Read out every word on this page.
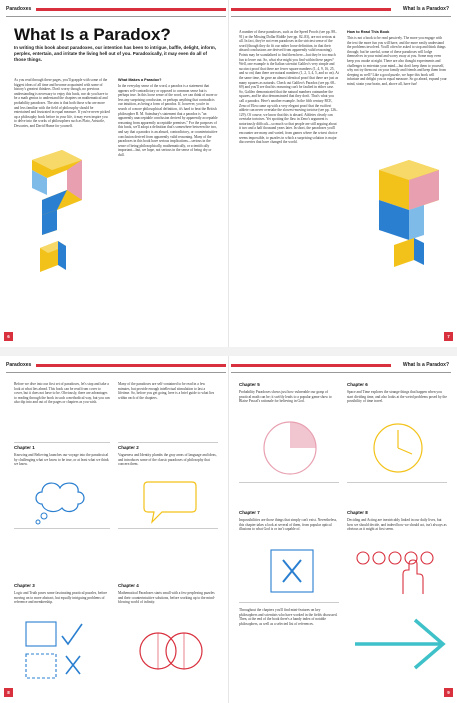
Paradoxes
What Is a Paradox?
In writing this book about paradoxes, our intention has been to intrigue, baffle, delight, inform, perplex, entertain, and irritate the living hell out of you. Paradoxically, it may even do all of those things.
As you read through these pages, you'll grapple with some of the biggest ideas of all time and become acquainted with some of history's greatest thinkers. Don't worry though, no previous understanding is necessary to enjoy this book, nor do you have to be a math genius to understand the chapters on mathematical and probability paradoxes. The aim is that both those who are more and less familiar with the field of philosophy should be entertained and frustrated in equal measure. If you've never picked up a philosophy book before in your life, it may even inspire you to delve into the works of philosophers such as Plato, Aristotle, Descartes, and David Hume for yourself.
What Makes a Paradox?
In the everyday sense of the word, a paradox is a statement that appears self-contradictory or opposed to common sense but is perhaps true. In this loose sense of the word, we can think of more or less any surprising conclusion, or perhaps anything that contradicts our intuition, as being a form of paradox. If, however, you're in search of a more philosophical definition, it's hard to beat the British philosopher R. M. Sainsbury's statement that a paradox is "an apparently unacceptable conclusion derived by apparently acceptable reasoning from apparently acceptable premises." For the purposes of this book, we'll adopt a definition that's somewhere between the two, and say that a paradox is an absurd, contradictory, or counterintuitive conclusion derived from apparently valid reasoning. Many of the paradoxes in this book have serious implications—serious in the sense of being philosophically, mathematically, or scientifically important—but, we hope, not serious in the sense of being dry or dull.
6
What Is a Paradox?
A number of these paradoxes, such as the Speed Proofs (see pp. 88–91) or the Missing Dollar Riddle (see pp. 82–83), are not serious at all. In fact, they're not even paradoxes in the strictest sense of the word (though they do fit our rather loose definition, in that their absurd conclusions are derived from apparently valid reasoning). Points may be scandalized to find them here—but they're too much fun to leave out. So, what else might you find within these pages? Well, one example is the Italian scientist Galileo's very simple and succinct proof that there are fewer square numbers (1, 4, 9, 16, 25, and so on) than there are natural numbers (1, 2, 3, 4, 5, and so on). At the same time, he gave an almost identical proof that there are just as many squares as naturals. Check out Galileo's Paradox (see pp. 68–69) and you'll see that his reasoning can't be faulted in either case. So, Galileo demonstrated that the natural numbers outnumber the squares, and he also demonstrated that they don't. That's what you call a paradox. Here's another example. In the fifth century BCE, Zeno of Elea came up with a very elegant proof that the swiftest athlete can never overtake the slowest-moving tortoise (see pp. 126–129). Of course, we know that this is absurd. Athletes clearly can overtake tortoises. Yet spotting the flaw in Zeno's argument is notoriously difficult—so much so that people are still arguing about it two and a half thousand years later. In short, the paradoxes you'll encounter are many and varied, from games where the wisest choice seems impossible, to puzzles in which a surprising solution is major discoveries that have changed the world.
How to Read This Book
This is not a book to be read passively. The more you engage with the text the more fun you will have, and the more easily understand the problems involved. You'll often be asked to stop and think things through; but be careful, some of these paradoxes will lodge themselves in your mind and worry away at you. Some may even keep you awake at night. There are also thought experiments and challenges to entertain your mind—but don't keep them to yourself, why not try them out on your family and friends and keep them from sleeping as well? Like a good puzzle, we hope this book will infuriate and delight you in equal measure. So go ahead, expand your mind, strain your brain, and, above all, have fun!
7
Paradoxes
Before we dive into our first set of paradoxes, let's stop and take a look at what lies ahead. This book can be read from cover to cover, but it does not have to be. Obviously, there are advantages to reading through the book in such a methodical way, but you can also dip into and out of the pages or chapters as you wish.
Many of the paradoxes are self-contained to be read in a few minutes, but provide enough intellectual stimulation to last a lifetime. So, before you get going, here is a brief guide to what lies within each of the chapters.
Chapter 1
Knowing and Believing launches our voyage into the paradoxical by challenging what we know to be true, or at least what we think we know.
Chapter 2
Vagueness and Identity plumbs the gray areas of language and ideas, and introduces some of the classic paradoxes of philosophy that concern them.
Chapter 3
Logic and Truth poses some fascinating practical puzzles, before moving on to more abstract, but equally intriguing problems of reference and membership.
Chapter 4
Mathematical Paradoxes starts small with a few perplexing puzzles and their counterintuitive solutions, before working up to the mind-blowing world of infinity.
8
What Is a Paradox?
Chapter 5
Probability Paradoxes shows just how vulnerable our grasp of practical math can be; it swiftly leads to a popular game show to Blaise Pascal's rationale for believing in God.
Chapter 6
Space and Time explores the strange things that happen when you start dividing time, and also looks at the weird problems posed by the possibility of time travel.
Chapter 7
Impossibilities are those things that simply can't exist. Nevertheless, this chapter takes a look at several of them, from popular optical illusions to what God is or isn't capable of.
Chapter 8
Deciding and Acting are inextricably linked in our daily lives, but how we should decide, and indeed how we should act, isn't always as obvious as it might at first seem.
Throughout the chapters you'll find mini-features on key philosophers and scientists who have worked in the fields discussed. Then, at the end of the book there's a handy index of notable philosophers, as well as a selected list of references.
9
